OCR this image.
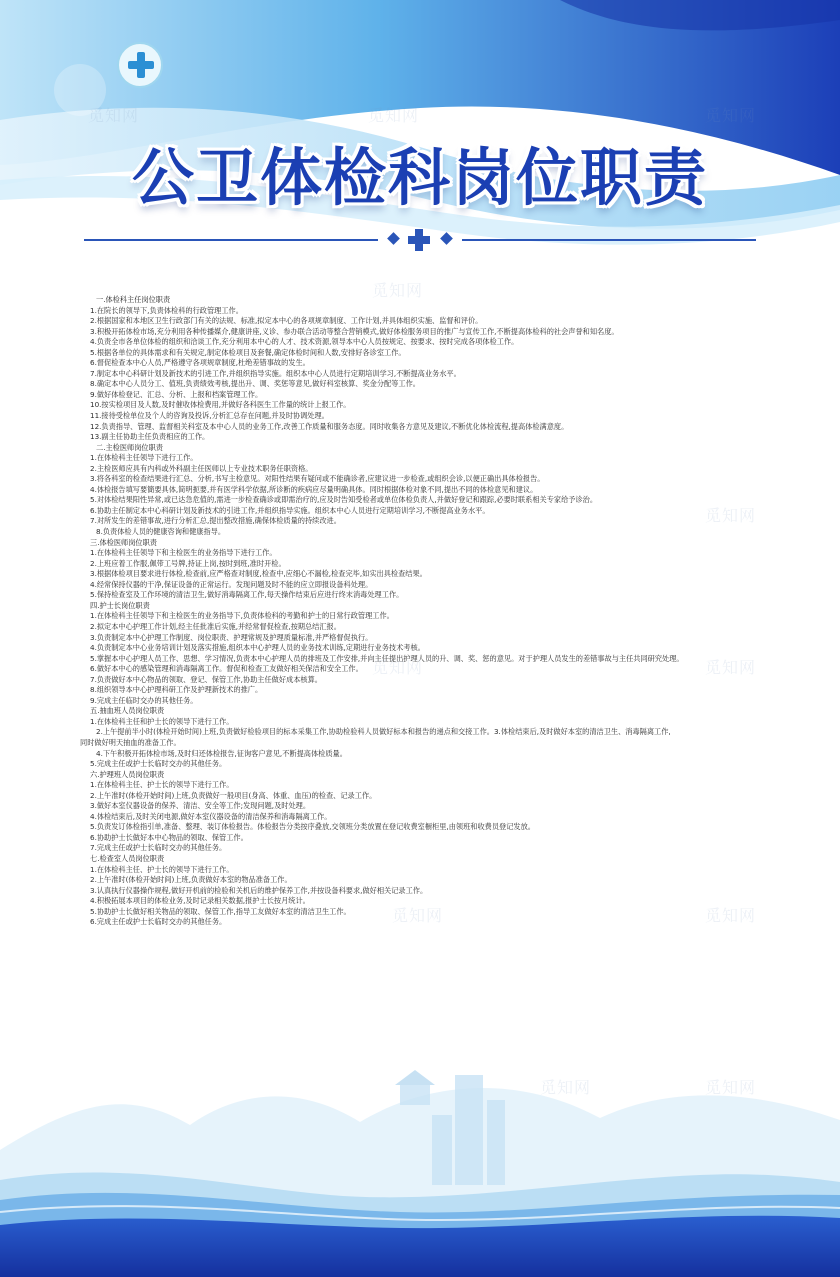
觅知网	觅知网	觅知网
觅知网
觅知网
觅知网	觅知网
觅知网
觅知网
觅知网	觅知网
公卫体检科岗位职责
一.体检科主任岗位职责
1.在院长的领导下,负责体检科的行政管理工作。
2.根据国家和本地区卫生行政部门有关的法规、标准,拟定本中心的各项规章制度、工作计划,并具体组织实施、监督和评价。
3.积极开拓体检市场,充分利用各种传播媒介,健康讲座,义诊、参办联合活动等整合营销模式,做好体检服务项目的推广与宣传工作,不断提高体检科的社会声誉和知名度。
4.负责全市各单位体检的组织和洽谈工作,充分利用本中心的人才、技术资源,领导本中心人员按规定、按要求、按时完成各项体检工作。
5.根据各单位的具体需求和有关规定,制定体检项目及套餐,确定体检时间和人数,安排好各诊室工作。
6.督促检查本中心人员,严格遵守各项规章制度,杜绝差错事故的发生。
7.制定本中心科研计划及新技术的引进工作,并组织指导实施。组织本中心人员进行定期培训学习,不断提高业务水平。
8.确定本中心人员分工、值班,负责绩效考核,提出升、调、奖惩等意见,做好科室核算、奖金分配等工作。
9.做好体检登记、汇总、分析、上报和档案管理工作。
10.按实检项目及人数,及时催收体检费用,并做好各科医生工作量的统计上报工作。
11.接待受检单位及个人的咨询及投诉,分析汇总存在问题,并及时协调处理。
12.负责指导、管理、监督相关科室及本中心人员的业务工作,改善工作质量和服务态度。同时收集各方意见及建议,不断优化体检流程,提高体检满意度。
13.副主任协助主任负责相应的工作。
二.主检医师岗位职责
1.在体检科主任领导下进行工作。
2.主检医师应具有内科或外科副主任医师以上专业技术职务任职资格。
3.将各科室的检查结果进行汇总、分析,书写主检意见。对阳性结果有疑问或不能确诊者,应建议进一步检查,或组织会诊,以便正确出具体检报告。
4.体检报告填写要簡要具体,简明扼要,并有医学科学依据,所诊断的疾病应尽量明确具体。同时根据体检对象不同,提出不同的体检意见和建议。
5.对体检结果阳性异常,或已达急危值的,需进一步检查确诊或即需治疗的,应及时告知受检者或单位体检负责人,并做好登记和跟踪,必要时联系相关专家给予诊治。
6.协助主任制定本中心科研计划及新技术的引进工作,并组织指导实施。组织本中心人员进行定期培训学习,不断提高业务水平。
7.对所发生的差错事故,进行分析汇总,提出整改措施,确保体检质量的持续改进。
8.负责体检人员的健康咨询和健康指导。
三.体检医师岗位职责
1.在体检科主任领导下和主检医生的业务指导下进行工作。
2.上班应着工作服,佩带工号牌,持证上岗,按时到班,准时开检。
3.根据体检项目要求进行体检,检查前,应严格查对制度,检查中,应细心不漏检,检查完毕,如实出具检查结果。
4.经常保持仪器的干净,保证设备的正常运行。发现问题及时不能的应立即报设备科处理。
5.保持检查室及工作环境的清洁卫生,做好消毒隔离工作,每天操作结束后应进行终末消毒处理工作。
四.护士长岗位职责
1.在体检科主任领导下和主检医生的业务指导下,负责体检科的考勤和护士的日常行政管理工作。
2.拟定本中心护理工作计划,经主任批准后实施,并经常督促检查,按期总结汇报。
3.负责制定本中心护理工作制度、岗位职责、护理常规及护理质量标准,并严格督促执行。
4.负责制定本中心业务培训计划及落实措施,组织本中心护理人员的业务技术训练,定期进行业务技术考核。
5.掌握本中心护理人员工作、思想、学习情况,负责本中心护理人员的排班及工作安排,并向主任提出护理人员的升、调、奖、惩的意见。对于护理人员发生的差错事故与主任共同研究处理。
6.做好本中心的感染管理和消毒隔离工作。督促和检查工友做好相关保洁和安全工作。
7.负责做好本中心物品的领取、登记、保管工作,协助主任做好成本核算。
8.组织领导本中心护理科研工作及护理新技术的推广。
9.完成主任临时交办的其他任务。
五.抽血班人员岗位职责
1.在体检科主任和护士长的领导下进行工作。
2.上午提前半小时(体检开始时间)上班,负责做好检验项目的标本采集工作,协助检验科人员做好标本和报告的递点和交接工作。3.体检结束后,及时做好本室的清洁卫生、消毒隔离工作,
同时做好明天抽血的准备工作。
4.下午积极开拓体检市场,及时归还体检报告,征询客户意见,不断提高体检质量。
5.完成主任或护士长临时交办的其他任务。
六.护理班人员岗位职责
1.在体检科主任、护士长的领导下进行工作。
2.上午准时(体检开始时间)上班,负责做好一般项目(身高、体重、血压)的检查、记录工作。
3.做好本室仪器设备的保养、清洁、安全等工作;发现问题,及时处理。
4.体检结束后,及时关闭电源,做好本室仪器设备的清洁保养和消毒隔离工作。
5.负责发订体检指引单,准备、整理、装订体检报告。体检报告分类按序叠放,交领班分类放置在登记收费室橱柜里,由领班和收费员登记发放。
6.协助护士长做好本中心物品的领取、保管工作。
7.完成主任或护士长临时交办的其他任务。
七.检查室人员岗位职责
1.在体检科主任、护士长的领导下进行工作。
2.上午准时(体检开始时间)上班,负责做好本室的物品准备工作。
3.认真执行仪器操作规程,做好开机前的检验和关机后的维护保养工作,并按设备科要求,做好相关记录工作。
4.积极拓展本项目的体检业务,及时记录相关数据,报护士长按月统计。
5.协助护士长做好相关物品的领取、保管工作,指导工友做好本室的清洁卫生工作。
6.完成主任或护士长临时交办的其他任务。
